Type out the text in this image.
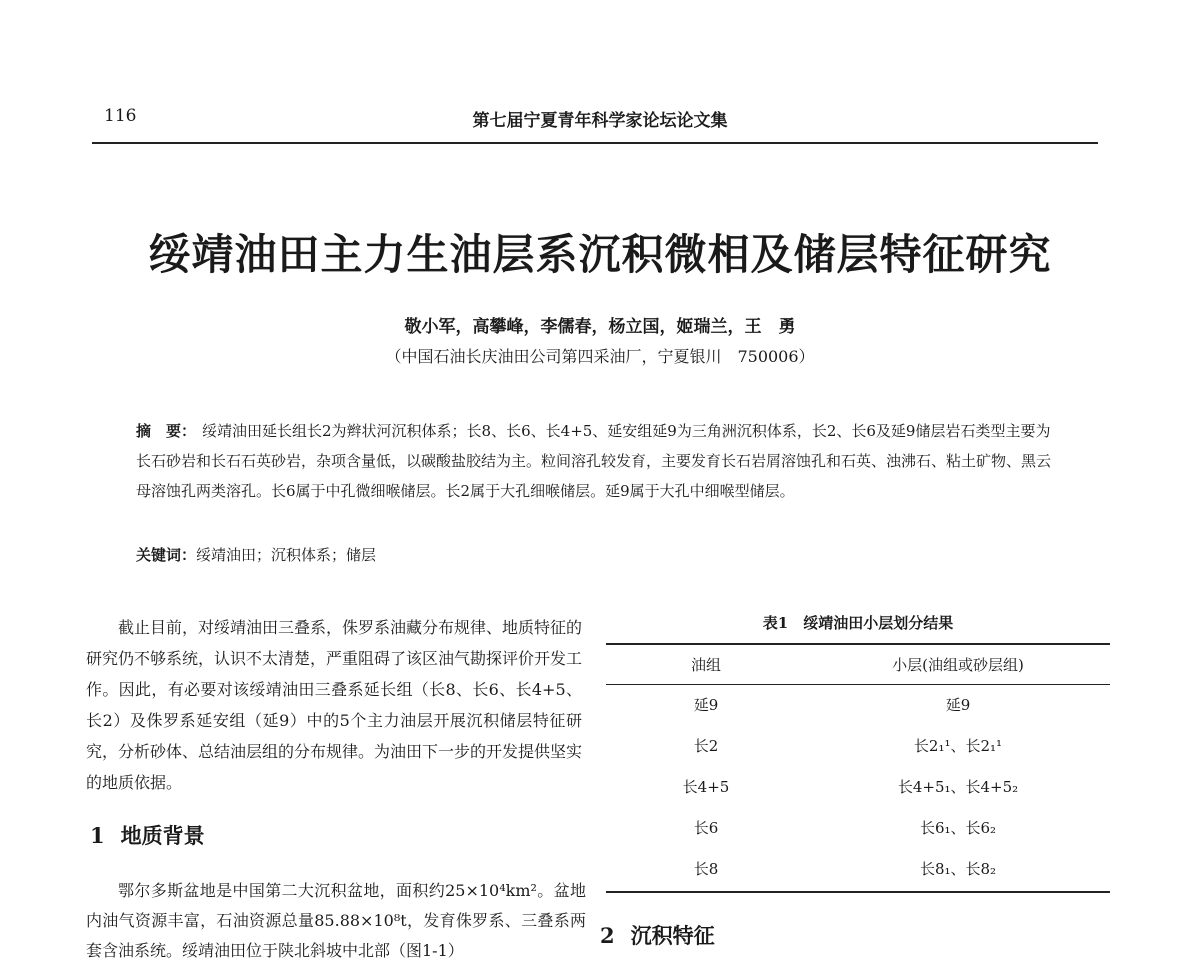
116	第七届宁夏青年科学家论坛论文集
绥靖油田主力生油层系沉积微相及储层特征研究
敬小军，高攀峰，李儒春，杨立国，姬瑞兰，王　勇
（中国石油长庆油田公司第四采油厂，宁夏银川　750006）
摘　要： 绥靖油田延长组长2为辫状河沉积体系；长8、长6、长4+5、延安组延9为三角洲沉积体系，长2、长6及延9储层岩石类型主要为长石砂岩和长石石英砂岩，杂项含量低，以碳酸盐胶结为主。粒间溶孔较发育，主要发育长石岩屑溶蚀孔和石英、浊沸石、粘土矿物、黑云母溶蚀孔两类溶孔。长6属于中孔微细喉储层。长2属于大孔细喉储层。延9属于大孔中细喉型储层。
关键词：绥靖油田；沉积体系；储层
截止目前，对绥靖油田三叠系，侏罗系油藏分布规律、地质特征的研究仍不够系统，认识不太清楚，严重阻碍了该区油气勘探评价开发工作。因此，有必要对该绥靖油田三叠系延长组（长8、长6、长4+5、长2）及侏罗系延安组（延9）中的5个主力油层开展沉积储层特征研究，分析砂体、总结油层组的分布规律。为油田下一步的开发提供坚实的地质依据。
1 地质背景
鄂尔多斯盆地是中国第二大沉积盆地，面积约25×10⁴km²。盆地内油气资源丰富，石油资源总量85.88×10⁸t，发育侏罗系、三叠系两套含油系统。绥靖油田位于陕北斜坡中北部（图1-1）
2 沉积特征
表1　绥靖油田小层划分结果
油组	小层(油组或砂层组)
延9	延9
长2	长2₁¹、长2₁¹
长4+5	长4+5₁、长4+5₂
长6	长6₁、长6₂
长8	长8₁、长8₂
